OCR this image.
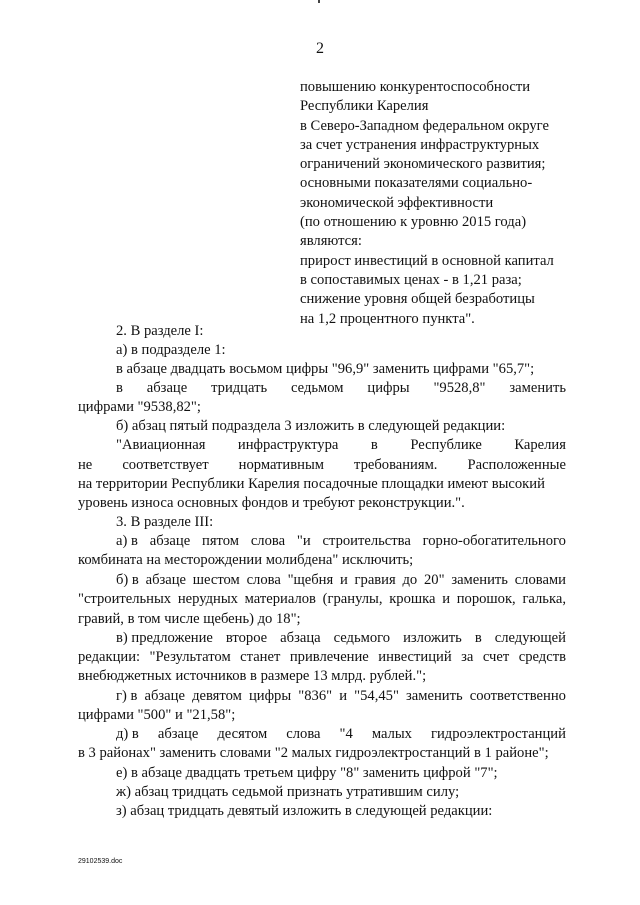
2
повышению конкурентоспособности
Республики Карелия
в Северо-Западном федеральном округе
за счет устранения инфраструктурных
ограничений экономического развития;
основными показателями социально-
экономической эффективности
(по отношению к уровню 2015 года)
являются:
прирост инвестиций в основной капитал
в сопоставимых ценах - в 1,21 раза;
снижение уровня общей безработицы
на 1,2 процентного пункта".
2. В разделе I:
а) в подразделе 1:
в абзаце двадцать восьмом цифры "96,9" заменить цифрами "65,7";
в абзаце тридцать седьмом цифры "9528,8" заменить
цифрами "9538,82";
б) абзац пятый подраздела 3 изложить в следующей редакции:
"Авиационная инфраструктура в Республике Карелия
не соответствует нормативным требованиям. Расположенные
на территории Республики Карелия посадочные площадки имеют высокий
уровень износа основных фондов и требуют реконструкции.".
3. В разделе III:
а) в абзаце пятом слова "и строительства горно-обогатительного
комбината на месторождении молибдена" исключить;
б) в абзаце шестом слова "щебня и гравия до 20" заменить словами
"строительных нерудных материалов (гранулы, крошка и порошок, галька,
гравий, в том числе щебень) до 18";
в) предложение второе абзаца седьмого изложить в следующей
редакции: "Результатом станет привлечение инвестиций за счет средств
внебюджетных источников в размере 13 млрд. рублей.";
г) в абзаце девятом цифры "836" и "54,45" заменить соответственно
цифрами "500" и "21,58";
д) в абзаце десятом слова "4 малых гидроэлектростанций
в 3 районах" заменить словами "2 малых гидроэлектростанций в 1 районе";
е) в абзаце двадцать третьем цифру "8" заменить цифрой "7";
ж) абзац тридцать седьмой признать утратившим силу;
з) абзац тридцать девятый изложить в следующей редакции:
29102539.doc
